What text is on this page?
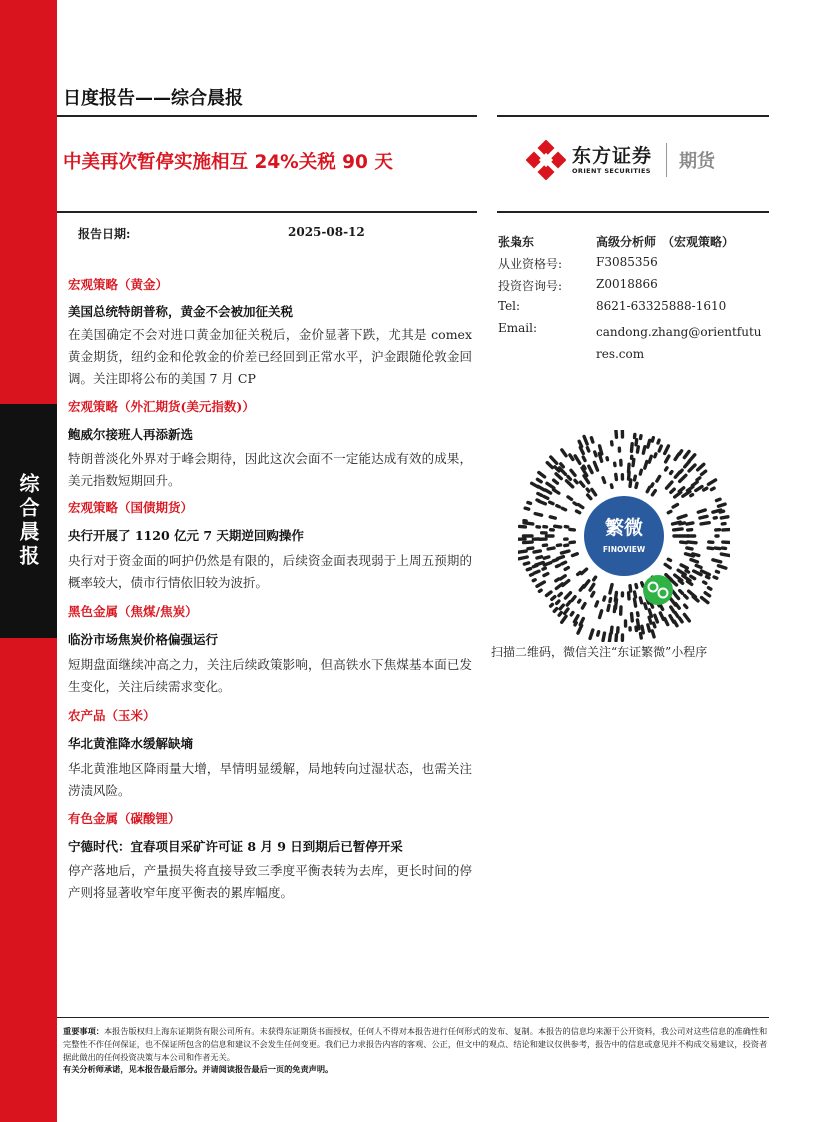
综合晨报
日度报告——综合晨报
中美再次暂停实施相互 24%关税 90 天	东方证券
ORIENT SECURITIES 期货
报告日期:	2025-08-12
宏观策略（黄金）
美国总统特朗普称，黄金不会被加征关税
在美国确定不会对进口黄金加征关税后，金价显著下跌，尤其是 comex 黄金期货，纽约金和伦敦金的价差已经回到正常水平，沪金跟随伦敦金回调。关注即将公布的美国 7 月 CP
宏观策略（外汇期货(美元指数)）
鲍威尔接班人再添新选
特朗普淡化外界对于峰会期待，因此这次会面不一定能达成有效的成果，美元指数短期回升。
宏观策略（国债期货）
央行开展了 1120 亿元 7 天期逆回购操作
央行对于资金面的呵护仍然是有限的，后续资金面表现弱于上周五预期的概率较大，债市行情依旧较为波折。
黑色金属（焦煤/焦炭）
临汾市场焦炭价格偏强运行
短期盘面继续冲高之力，关注后续政策影响，但高铁水下焦煤基本面已发生变化，关注后续需求变化。
农产品（玉米）
华北黄淮降水缓解缺墒
华北黄淮地区降雨量大增，旱情明显缓解，局地转向过湿状态，也需关注涝渍风险。
有色金属（碳酸锂）
宁德时代：宜春项目采矿许可证 8 月 9 日到期后已暂停开采
停产落地后，产量损失将直接导致三季度平衡表转为去库，更长时间的停产则将显著收窄年度平衡表的累库幅度。
张枭东	高级分析师　（宏观策略）
从业资格号:	F3085356
投资咨询号:	Z0018866
Tel:	8621-63325888-1610
Email:	candong.zhang@orientfutures.com
繁微
FINOVIEW
扫描二维码，微信关注“东证繁微”小程序
重要事项：本报告版权归上海东证期货有限公司所有。未获得东证期货书面授权，任何人不得对本报告进行任何形式的发布、复制。本报告的信息均来源于公开资料，我公司对这些信息的准确性和完整性不作任何保证，也不保证所包含的信息和建议不会发生任何变更。我们已力求报告内容的客观、公正，但文中的观点、结论和建议仅供参考，报告中的信息或意见并不构成交易建议，投资者据此做出的任何投资决策与本公司和作者无关。
有关分析师承诺，见本报告最后部分。并请阅读报告最后一页的免责声明。
